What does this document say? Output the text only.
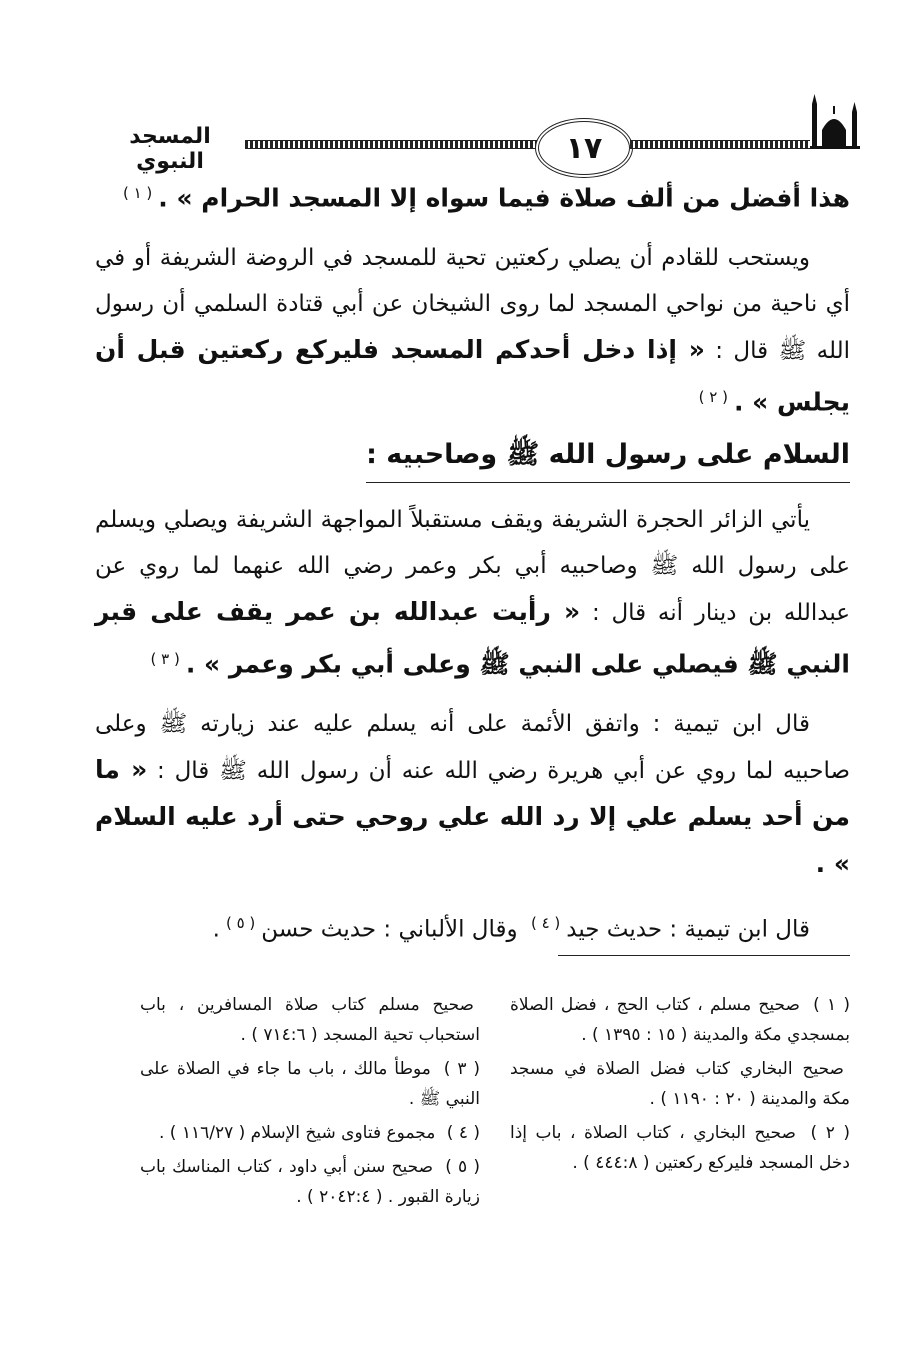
المسجد النبوي	١٧

هذا أفضل من ألف صلاة فيما سواه إلا المسجد الحرام » .$^{( ١ )}$

ويستحب للقادم أن يصلي ركعتين تحية للمسجد في الروضة الشريفة أو في أي ناحية من نواحي المسجد لما روى الشيخان عن أبي قتادة السلمي أن رسول الله ﷺ قال : « إذا دخل أحدكم المسجد فليركع ركعتين قبل أن يجلس » .$^{( ٢ )}$

السلام على رسول الله ﷺ وصاحبيه :

يأتي الزائر الحجرة الشريفة ويقف مستقبلاً المواجهة الشريفة ويصلي ويسلم على رسول الله ﷺ وصاحبيه أبي بكر وعمر رضي الله عنهما لما روي عن عبدالله بن دينار أنه قال : « رأيت عبدالله بن عمر يقف على قبر النبي ﷺ فيصلي على النبي ﷺ وعلى أبي بكر وعمر » .$^{( ٣ )}$

قال ابن تيمية : واتفق الأئمة على أنه يسلم عليه عند زيارته ﷺ وعلى صاحبيه لما روي عن أبي هريرة رضي الله عنه أن رسول الله ﷺ قال : « ما من أحد يسلم علي إلا رد الله علي روحي حتى أرد عليه السلام » .

قال ابن تيمية : حديث جيد$^{( ٤ )}$ وقال الألباني : حديث حسن$^{( ٥ )}$.

( ١ ) صحيح مسلم ، كتاب الحج ، فضل الصلاة بمسجدي مكة والمدينة ( ١٥ : ١٣٩٥ ) .

صحيح البخاري كتاب فضل الصلاة في مسجد مكة والمدينة ( ٢٠ : ١١٩٠ ) .

( ٢ ) صحيح البخاري ، كتاب الصلاة ، باب إذا دخل المسجد فليركع ركعتين ( ٤٤٤:٨ ) .

صحيح مسلم كتاب صلاة المسافرين ، باب استحباب تحية المسجد ( ٧١٤:٦ ) .

( ٣ ) موطأ مالك ، باب ما جاء في الصلاة على النبي ﷺ .

( ٤ ) مجموع فتاوى شيخ الإسلام ( ١١٦/٢٧ ) .

( ٥ ) صحيح سنن أبي داود ، كتاب المناسك باب زيارة القبور . ( ٢٠٤٢:٤ ) .
